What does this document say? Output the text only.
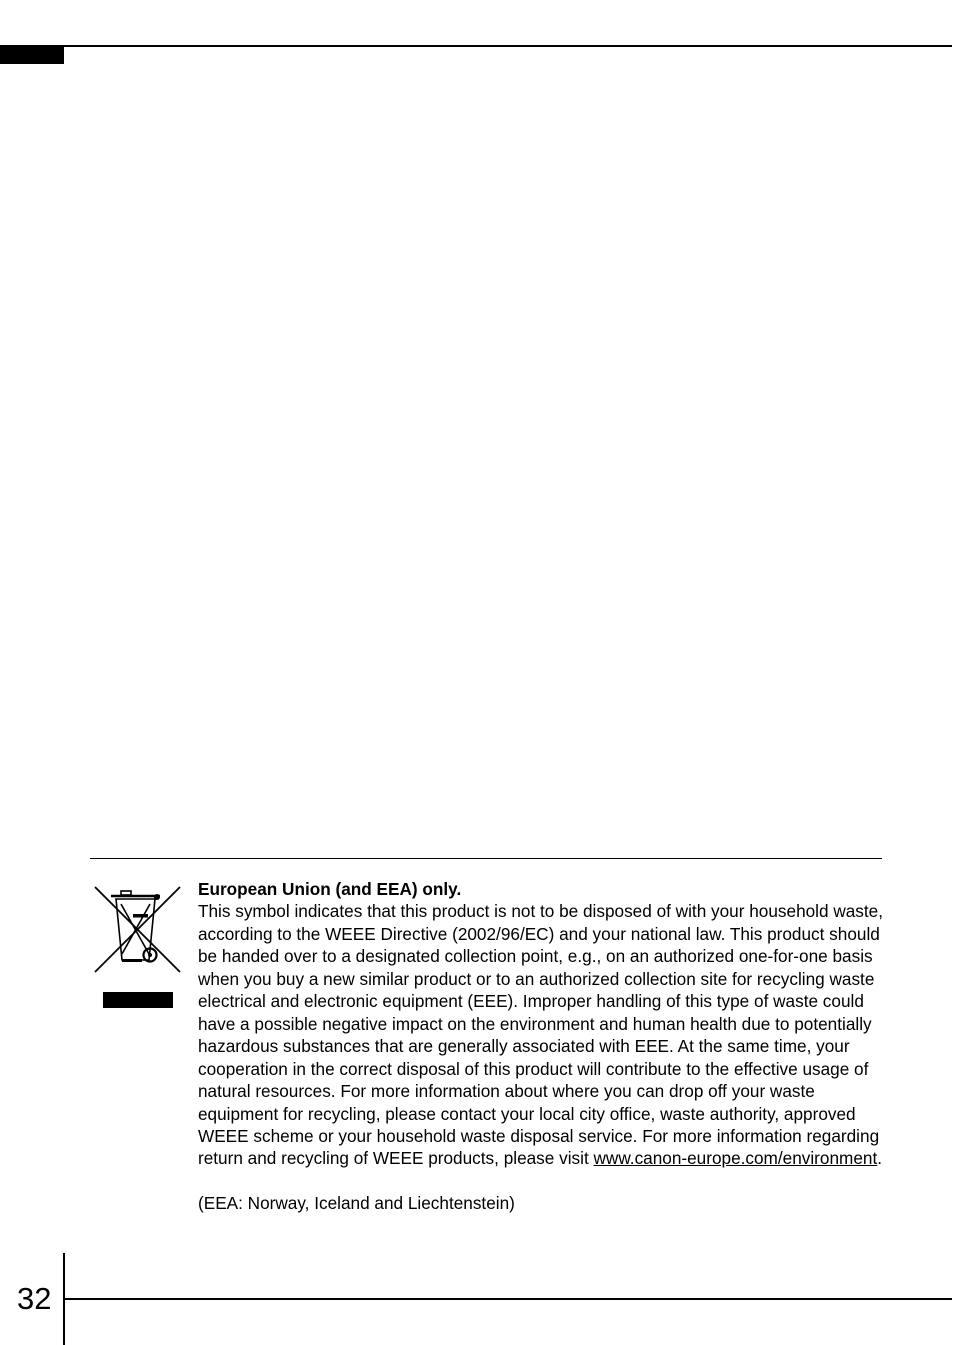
European Union (and EEA) only.

This symbol indicates that this product is not to be disposed of with your household waste, according to the WEEE Directive (2002/96/EC) and your national law. This product should be handed over to a designated collection point, e.g., on an authorized one-for-one basis when you buy a new similar product or to an authorized collection site for recycling waste electrical and electronic equipment (EEE). Improper handling of this type of waste could have a possible negative impact on the environment and human health due to potentially hazardous substances that are generally associated with EEE. At the same time, your cooperation in the correct disposal of this product will contribute to the effective usage of natural resources. For more information about where you can drop off your waste equipment for recycling, please contact your local city office, waste authority, approved WEEE scheme or your household waste disposal service. For more information regarding return and recycling of WEEE products, please visit www.canon-europe.com/environment.

(EEA: Norway, Iceland and Liechtenstein)

32
